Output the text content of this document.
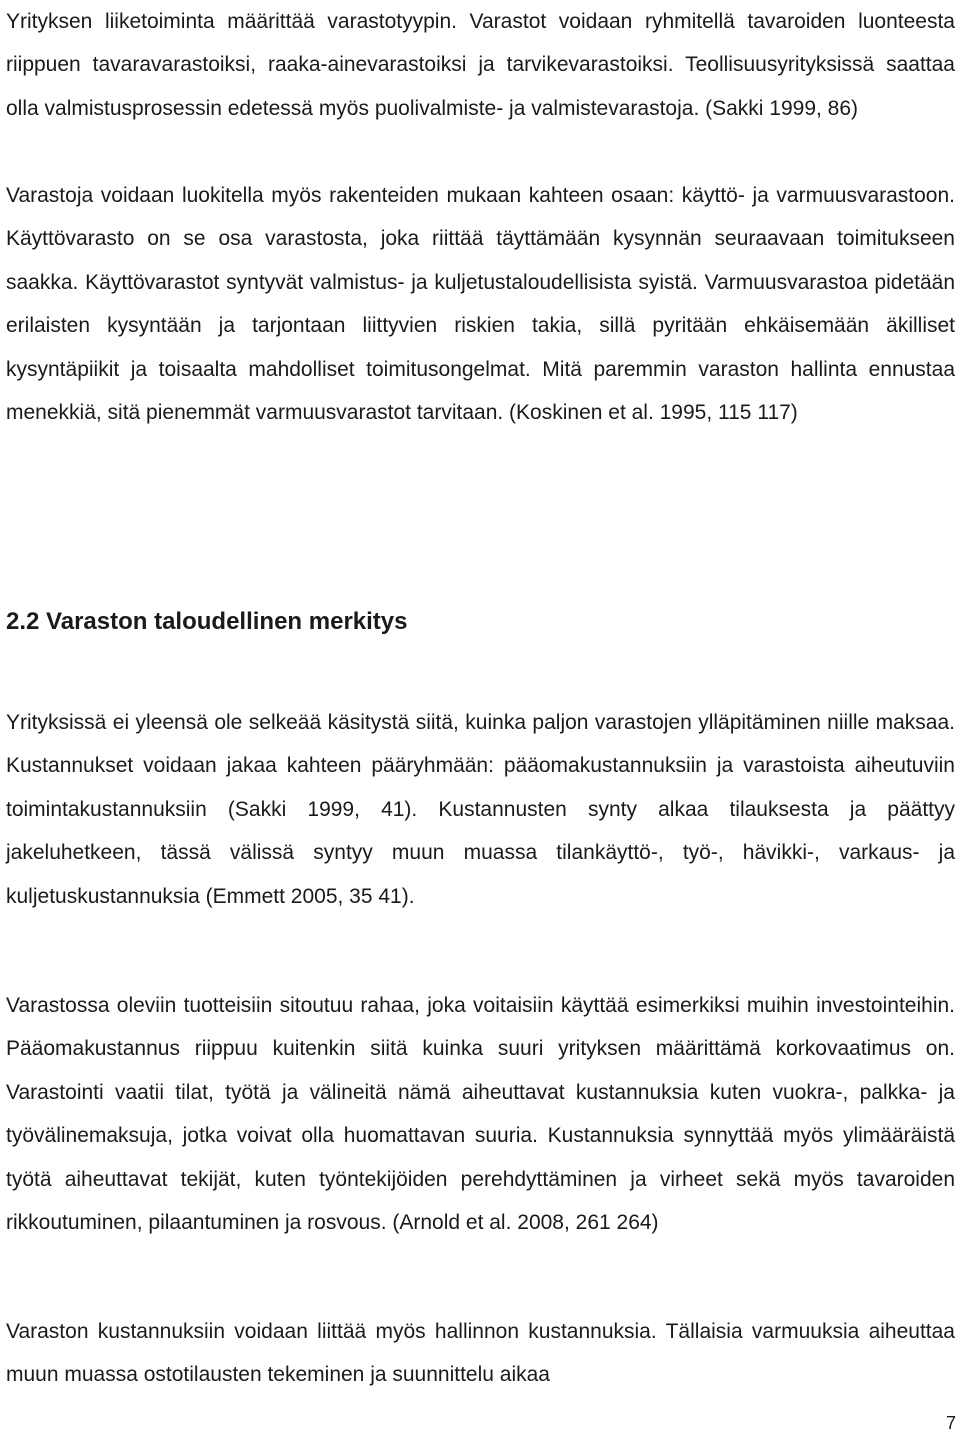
Yrityksen liiketoiminta määrittää varastotyypin. Varastot voidaan ryhmitellä tavaroiden luonteesta riippuen tavaravarastoiksi, raaka-ainevarastoiksi ja tarvikevarastoiksi. Teollisuusyrityksissä saattaa olla valmistusprosessin edetessä myös puolivalmiste- ja valmistevarastoja. (Sakki 1999, 86)

Varastoja voidaan luokitella myös rakenteiden mukaan kahteen osaan: käyttö- ja varmuusvarastoon. Käyttövarasto on se osa varastosta, joka riittää täyttämään kysynnän seuraavaan toimitukseen saakka. Käyttövarastot syntyvät valmistus- ja kuljetustaloudellisista syistä. Varmuusvarastoa pidetään erilaisten kysyntään ja tarjontaan liittyvien riskien takia, sillä pyritään ehkäisemään äkilliset kysyntäpiikit ja toisaalta mahdolliset toimitusongelmat. Mitä paremmin varaston hallinta ennustaa menekkiä, sitä pienemmät varmuusvarastot tarvitaan. (Koskinen et al. 1995, 115 117)

2.2 Varaston taloudellinen merkitys

Yrityksissä ei yleensä ole selkeää käsitystä siitä, kuinka paljon varastojen ylläpitäminen niille maksaa. Kustannukset voidaan jakaa kahteen pääryhmään: pääomakustannuksiin ja varastoista aiheutuviin toimintakustannuksiin (Sakki 1999, 41). Kustannusten synty alkaa tilauksesta ja päättyy jakeluhetkeen, tässä välissä syntyy muun muassa tilankäyttö-, työ-, hävikki-, varkaus- ja kuljetuskustannuksia (Emmett 2005, 35 41).

Varastossa oleviin tuotteisiin sitoutuu rahaa, joka voitaisiin käyttää esimerkiksi muihin investointeihin. Pääomakustannus riippuu kuitenkin siitä kuinka suuri yrityksen määrittämä korkovaatimus on. Varastointi vaatii tilat, työtä ja välineitä nämä aiheuttavat kustannuksia kuten vuokra-, palkka- ja työvälinemaksuja, jotka voivat olla huomattavan suuria. Kustannuksia synnyttää myös ylimääräistä työtä aiheuttavat tekijät, kuten työntekijöiden perehdyttäminen ja virheet sekä myös tavaroiden rikkoutuminen, pilaantuminen ja rosvous. (Arnold et al. 2008, 261 264)

Varaston kustannuksiin voidaan liittää myös hallinnon kustannuksia. Tällaisia varmuuksia aiheuttaa muun muassa ostotilausten tekeminen ja suunnittelu aikaa

7
